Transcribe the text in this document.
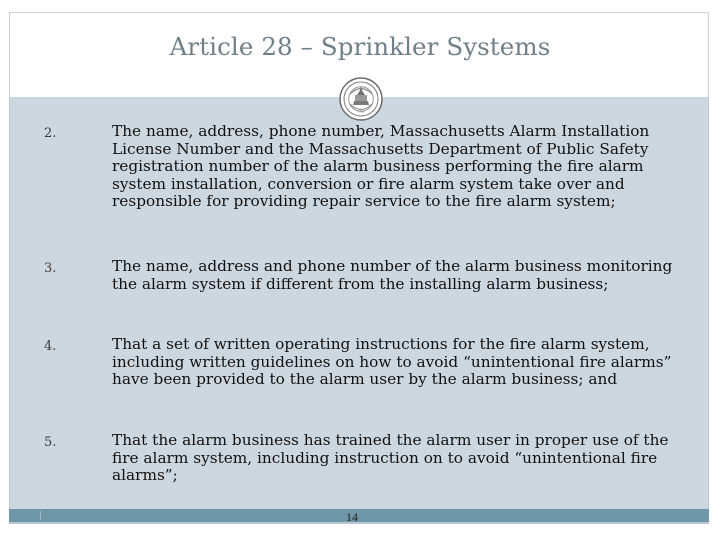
Article 28 – Sprinkler Systems
1700
2.	The name, address, phone number, Massachusetts Alarm Installation License Number and the Massachusetts Department of Public Safety registration number of the alarm business performing the fire alarm system installation, conversion or fire alarm system take over and responsible for providing repair service to the fire alarm system;
3.	The name, address and phone number of the alarm business monitoring the alarm system if different from the installing alarm business;
4.	That a set of written operating instructions for the fire alarm system, including written guidelines on how to avoid “unintentional fire alarms” have been provided to the alarm user by the alarm business; and
5.	That the alarm business has trained the alarm user in proper use of the fire alarm system, including instruction on to avoid “unintentional fire alarms”;
14
